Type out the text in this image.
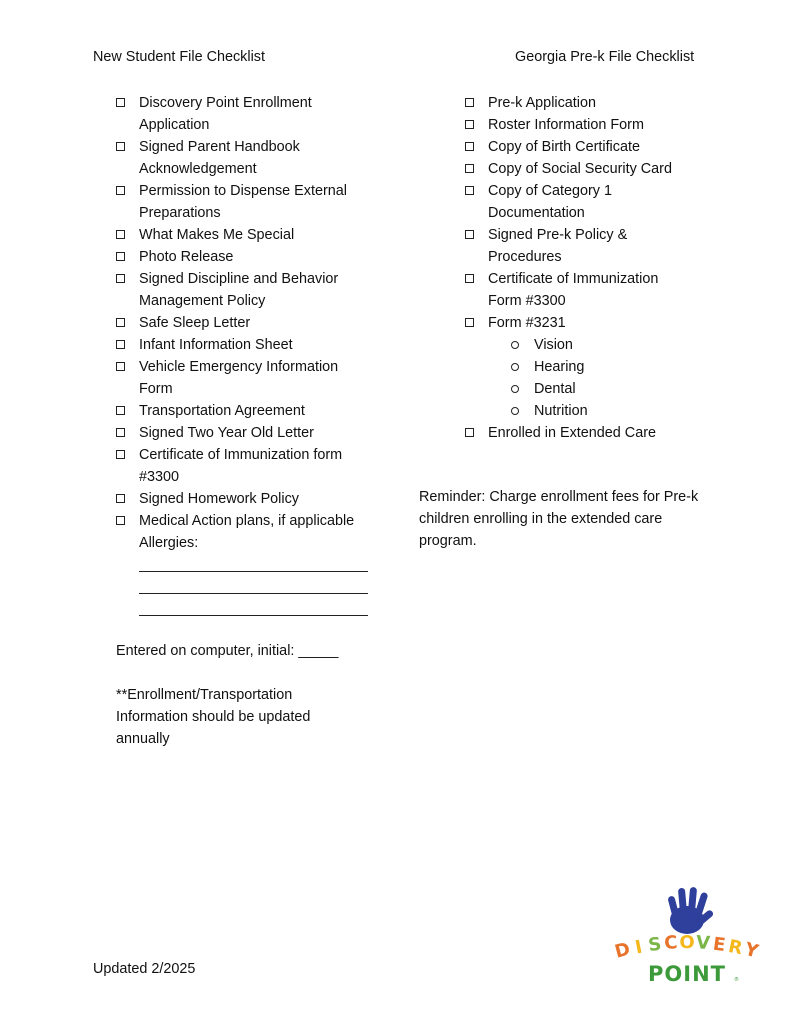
New Student File Checklist	Georgia Pre-k File Checklist
Discovery Point Enrollment Application
Signed Parent Handbook Acknowledgement
Permission to Dispense External Preparations
What Makes Me Special
Photo Release
Signed Discipline and Behavior Management Policy
Safe Sleep Letter
Infant Information Sheet
Vehicle Emergency Information Form
Transportation Agreement
Signed Two Year Old Letter
Certificate of Immunization form #3300
Signed Homework Policy
Medical Action plans, if applicable
Allergies:
Entered on computer, initial: _____
**Enrollment/Transportation Information should be updated annually
Pre-k Application
Roster Information Form
Copy of Birth Certificate
Copy of Social Security Card
Copy of Category 1 Documentation
Signed Pre-k Policy & Procedures
Certificate of Immunization Form #3300
Form #3231
Vision
Hearing
Dental
Nutrition
Enrolled in Extended Care
Reminder: Charge enrollment fees for Pre-k children enrolling in the extended care program.
Updated 2/2025
D I S C O V E R
Y
POINT ®
